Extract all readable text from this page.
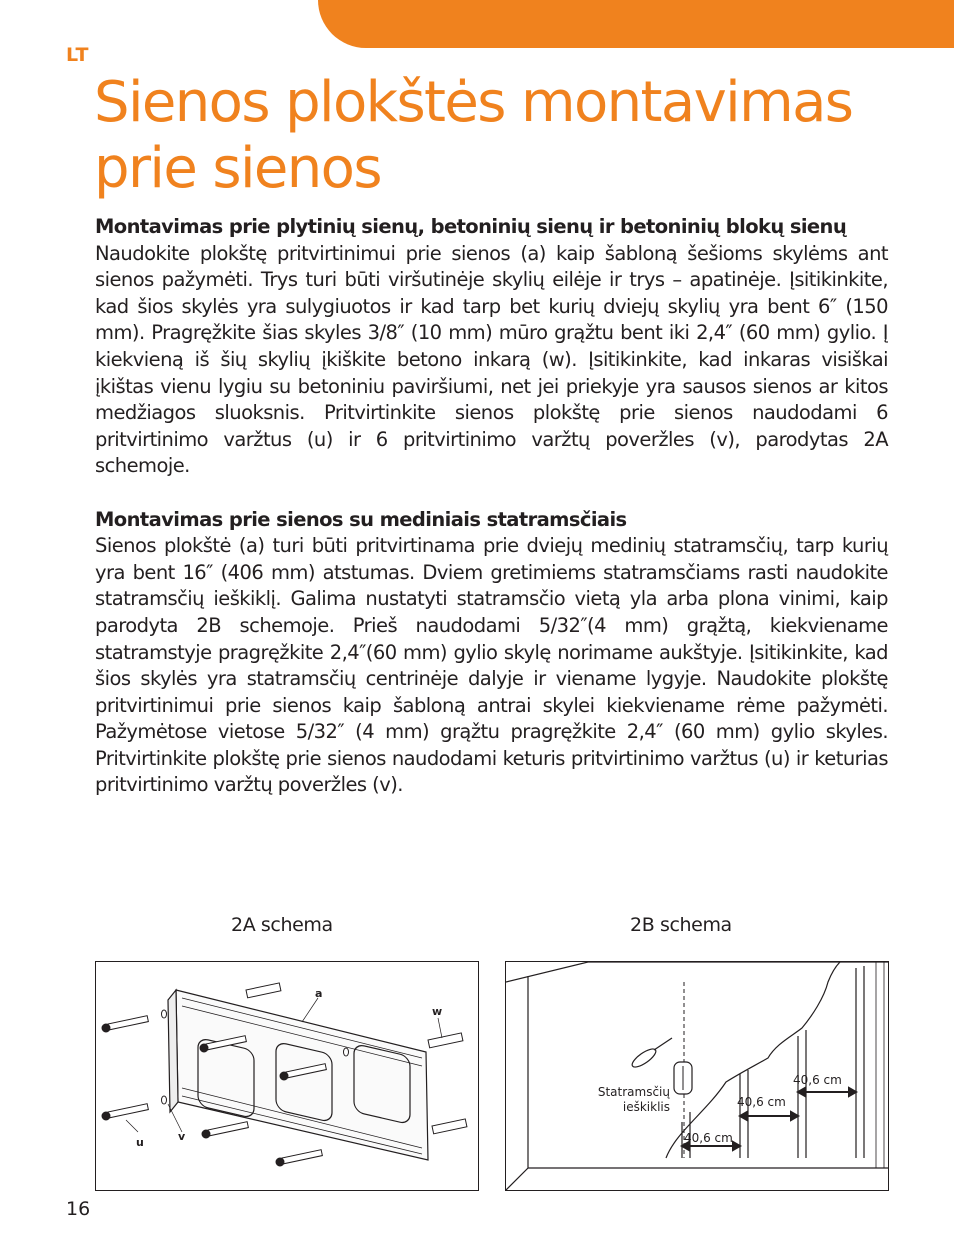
LT
Sienos plokštės montavimas
prie sienos
Montavimas prie plytinių sienų, betoninių sienų ir betoninių blokų sienų

Naudokite plokštę pritvirtinimui prie sienos (a) kaip šabloną šešioms skylėms ant sienos pažymėti. Trys turi būti viršutinėje skylių eilėje ir trys – apatinėje. Įsitikinkite, kad šios skylės yra sulygiuotos ir kad tarp bet kurių dviejų skylių yra bent 6″ (150 mm). Pragręžkite šias skyles 3/8″ (10 mm) mūro grąžtu bent iki 2,4″ (60 mm) gylio. Į kiekvieną iš šių skylių įkiškite betono inkarą (w). Įsitikinkite, kad inkaras visiškai įkištas vienu lygiu su betoniniu paviršiumi, net jei priekyje yra sausos sienos ar kitos medžiagos sluoksnis. Pritvirtinkite sienos plokštę prie sienos naudodami 6 pritvirtinimo varžtus (u) ir 6 pritvirtinimo varžtų poveržles (v), parodytas 2A schemoje.

Montavimas prie sienos su mediniais statramsčiais

Sienos plokštė (a) turi būti pritvirtinama prie dviejų medinių statramsčių, tarp kurių yra bent 16″ (406 mm) atstumas. Dviem gretimiems statramsčiams rasti naudokite statramsčių ieškiklį. Galima nustatyti statramsčio vietą yla arba plona vinimi, kaip parodyta 2B schemoje. Prieš naudodami 5/32″(4 mm) grąžtą, kiekviename statramstyje pragręžkite 2,4″(60 mm) gylio skylę norimame aukštyje. Įsitikinkite, kad šios skylės yra statramsčių centrinėje dalyje ir viename lygyje. Naudokite plokštę pritvirtinimui prie sienos kaip šabloną antrai skylei kiekviename rėme pažymėti. Pažymėtose vietose 5/32″ (4 mm) grąžtu pragręžkite 2,4″ (60 mm) gylio skyles. Pritvirtinkite plokštę prie sienos naudodami keturis pritvirtinimo varžtus (u) ir keturias pritvirtinimo varžtų poveržles (v).

2A schema	2B schema
a
w
u	v	40,6 cm
40,6 cm
40,6 cm
Statramsčių
ieškiklis
16
